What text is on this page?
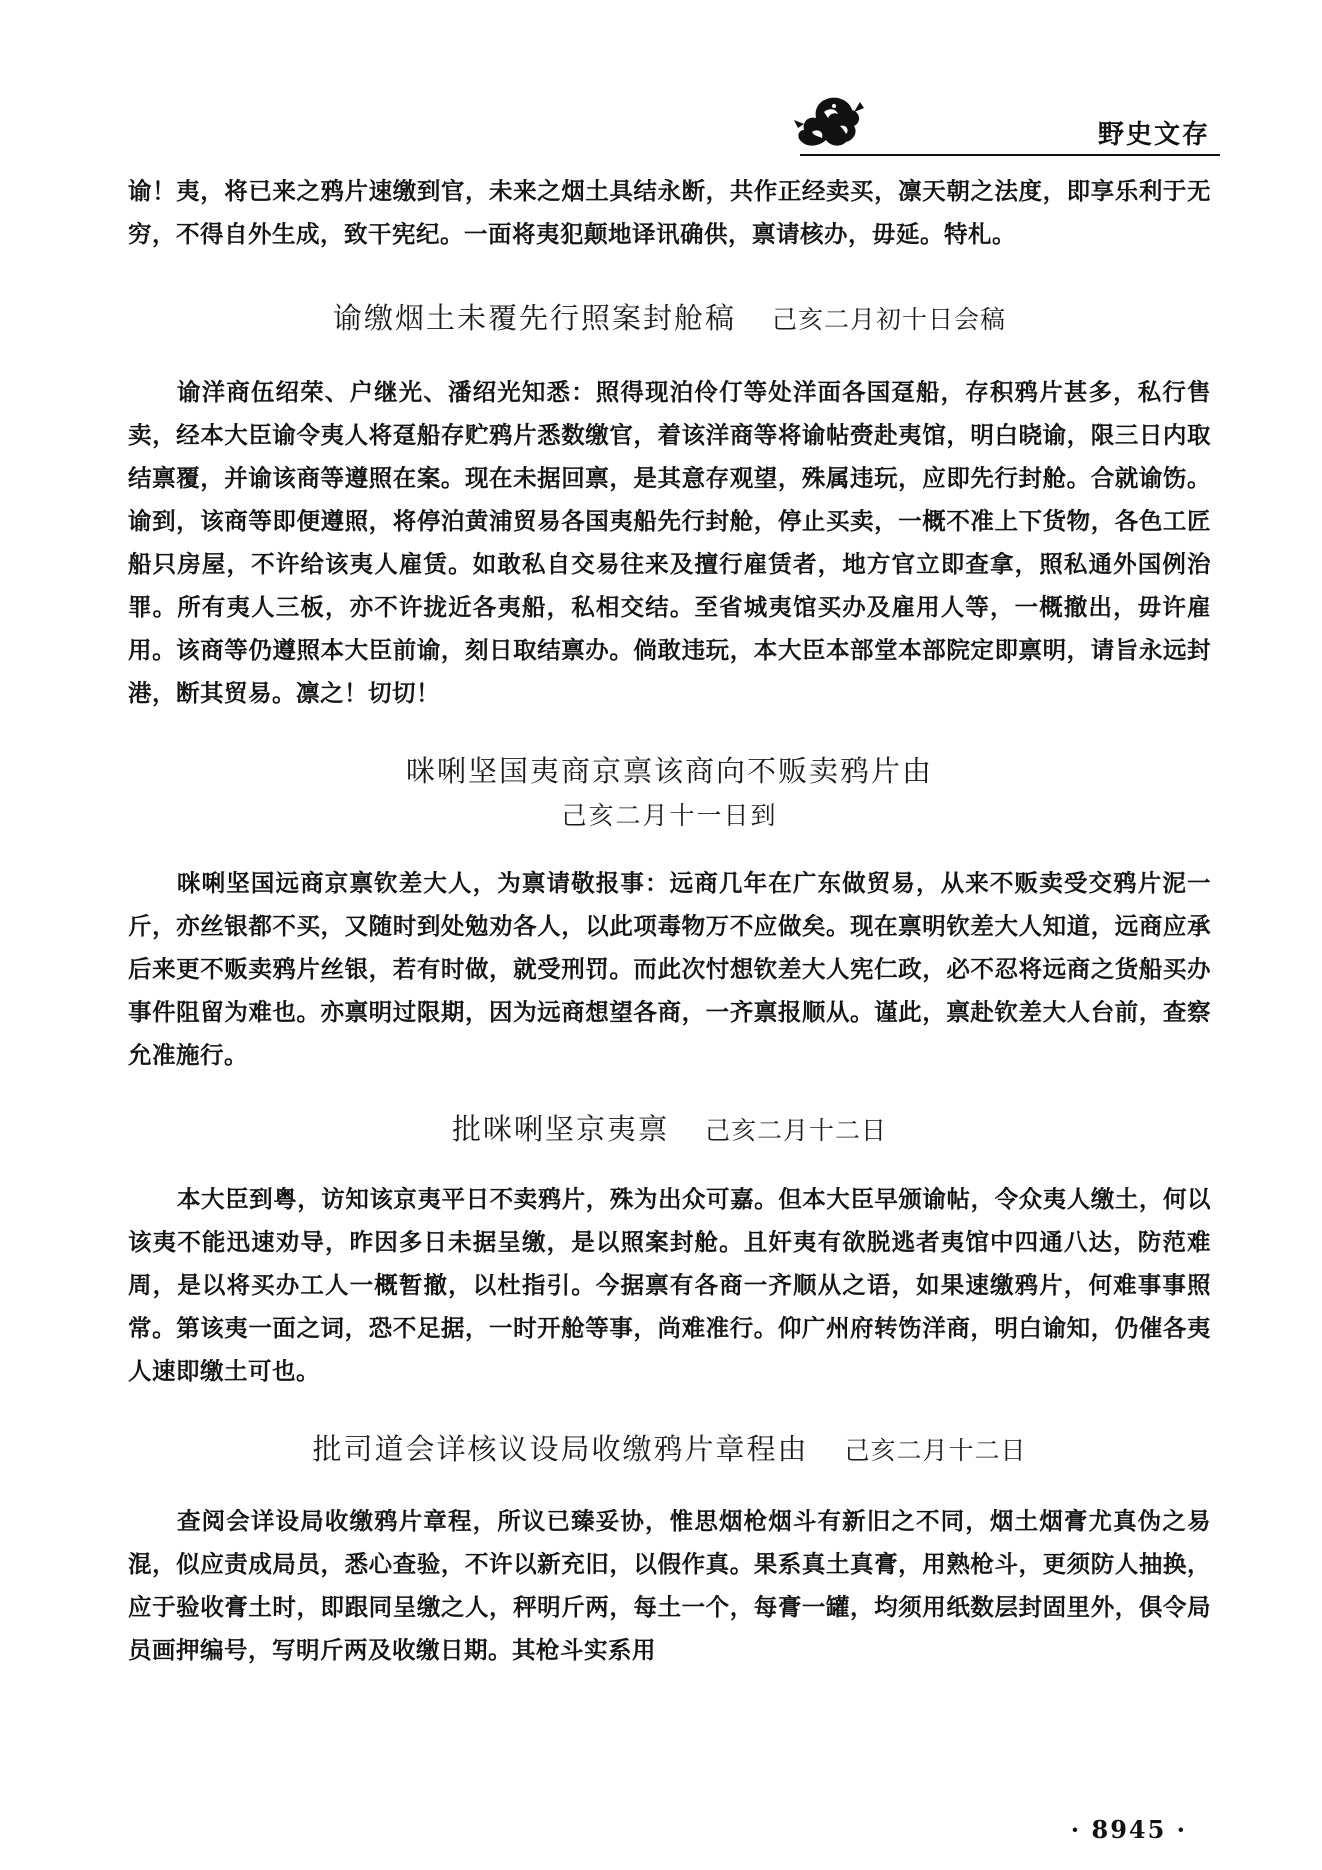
野史文存

谕！夷，将已来之鸦片速缴到官，未来之烟土具结永断，共作正经卖买，凛天朝之法度，即享乐利于无穷，不得自外生成，致干宪纪。一面将夷犯颠地译讯确供，禀请核办，毋延。特札。

谕缴烟土未覆先行照案封舱稿 己亥二月初十日会稿

谕洋商伍绍荣、户继光、潘绍光知悉：照得现泊伶仃等处洋面各国趸船，存积鸦片甚多，私行售卖，经本大臣谕令夷人将趸船存贮鸦片悉数缴官，着该洋商等将谕帖赍赴夷馆，明白晓谕，限三日内取结禀覆，并谕该商等遵照在案。现在未据回禀，是其意存观望，殊属违玩，应即先行封舱。合就谕饬。谕到，该商等即便遵照，将停泊黄浦贸易各国夷船先行封舱，停止买卖，一概不准上下货物，各色工匠船只房屋，不许给该夷人雇赁。如敢私自交易往来及擅行雇赁者，地方官立即查拿，照私通外国例治罪。所有夷人三板，亦不许拢近各夷船，私相交结。至省城夷馆买办及雇用人等，一概撤出，毋许雇用。该商等仍遵照本大臣前谕，刻日取结禀办。倘敢违玩，本大臣本部堂本部院定即禀明，请旨永远封港，断其贸易。凛之！切切！

咪唎坚国夷商京禀该商向不贩卖鸦片由

己亥二月十一日到

咪唎坚国远商京禀钦差大人，为禀请敬报事：远商几年在广东做贸易，从来不贩卖受交鸦片泥一斤，亦丝银都不买，又随时到处勉劝各人，以此项毒物万不应做矣。现在禀明钦差大人知道，远商应承后来更不贩卖鸦片丝银，若有时做，就受刑罚。而此次忖想钦差大人宪仁政，必不忍将远商之货船买办事件阻留为难也。亦禀明过限期，因为远商想望各商，一齐禀报顺从。谨此，禀赴钦差大人台前，查察允准施行。

批咪唎坚京夷禀 己亥二月十二日

本大臣到粤，访知该京夷平日不卖鸦片，殊为出众可嘉。但本大臣早颁谕帖，令众夷人缴土，何以该夷不能迅速劝导，昨因多日未据呈缴，是以照案封舱。且奸夷有欲脱逃者夷馆中四通八达，防范难周，是以将买办工人一概暂撤，以杜指引。今据禀有各商一齐顺从之语，如果速缴鸦片，何难事事照常。第该夷一面之词，恐不足据，一时开舱等事，尚难准行。仰广州府转饬洋商，明白谕知，仍催各夷人速即缴土可也。

批司道会详核议设局收缴鸦片章程由 己亥二月十二日

查阅会详设局收缴鸦片章程，所议已臻妥协，惟思烟枪烟斗有新旧之不同，烟土烟膏尤真伪之易混，似应责成局员，悉心查验，不许以新充旧，以假作真。果系真土真膏，用熟枪斗，更须防人抽换，应于验收膏土时，即跟同呈缴之人，秤明斤两，每土一个，每膏一罐，均须用纸数层封固里外，俱令局员画押编号，写明斤两及收缴日期。其枪斗实系用

· 8945 ·
